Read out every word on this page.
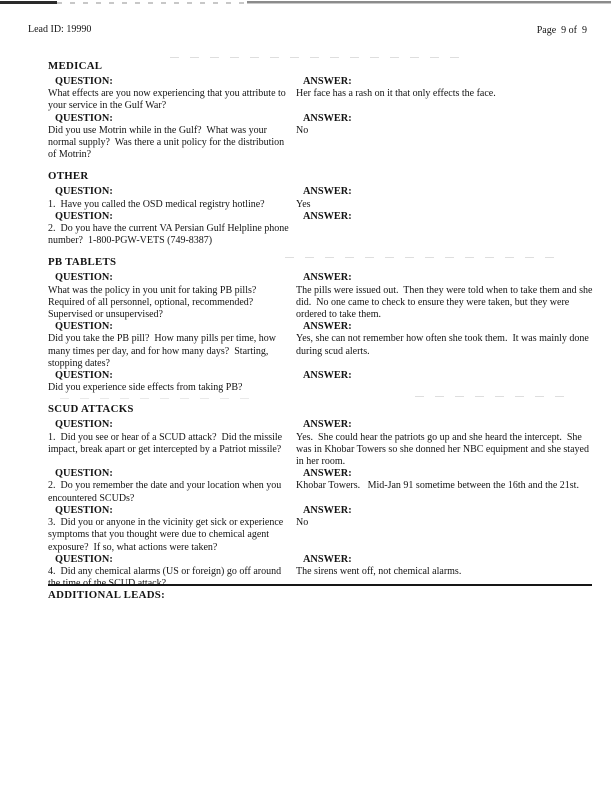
Lead ID: 19990	Page  9 of  9
MEDICAL
QUESTION:
What effects are you now experiencing that you attribute to your service in the Gulf War?
ANSWER:
Her face has a rash on it that only effects the face.
QUESTION:
Did you use Motrin while in the Gulf?  What was your normal supply?  Was there a unit policy for the distribution of Motrin?
ANSWER:
No
OTHER
QUESTION:
1.  Have you called the OSD medical registry hotline?
ANSWER:
Yes
QUESTION:
2.  Do you have the current VA Persian Gulf Helpline phone number?  1-800-PGW-VETS (749-8387)
ANSWER:
PB TABLETS
QUESTION:
What was the policy in you unit for taking PB pills? Required of all personnel, optional, recommended? Supervised or unsupervised?
ANSWER:
The pills were issued out.  Then they were told when to take them and she did.  No one came to check to ensure they were taken, but they were ordered to take them.
QUESTION:
Did you take the PB pill?  How many pills per time, how many times per day, and for how many days?  Starting, stopping dates?
ANSWER:
Yes, she can not remember how often she took them.  It was mainly done during scud alerts.
QUESTION:
Did you experience side effects from taking PB?
ANSWER:
SCUD ATTACKS
QUESTION:
1.  Did you see or hear of a SCUD attack?  Did the missile impact, break apart or get intercepted by a Patriot missile?
ANSWER:
Yes.  She could hear the patriots go up and she heard the intercept.  She was in Khobar Towers so she donned her NBC equipment and she stayed in her room.
QUESTION:
2.  Do you remember the date and your location when you encountered SCUDs?
ANSWER:
Khobar Towers.   Mid-Jan 91 sometime between the 16th and the 21st.
QUESTION:
3.  Did you or anyone in the vicinity get sick or experience symptoms that you thought were due to chemical agent exposure?  If so, what actions were taken?
ANSWER:
No
QUESTION:
4.  Did any chemical alarms (US or foreign) go off around the time of the SCUD attack?
ANSWER:
The sirens went off, not chemical alarms.
ADDITIONAL LEADS:
